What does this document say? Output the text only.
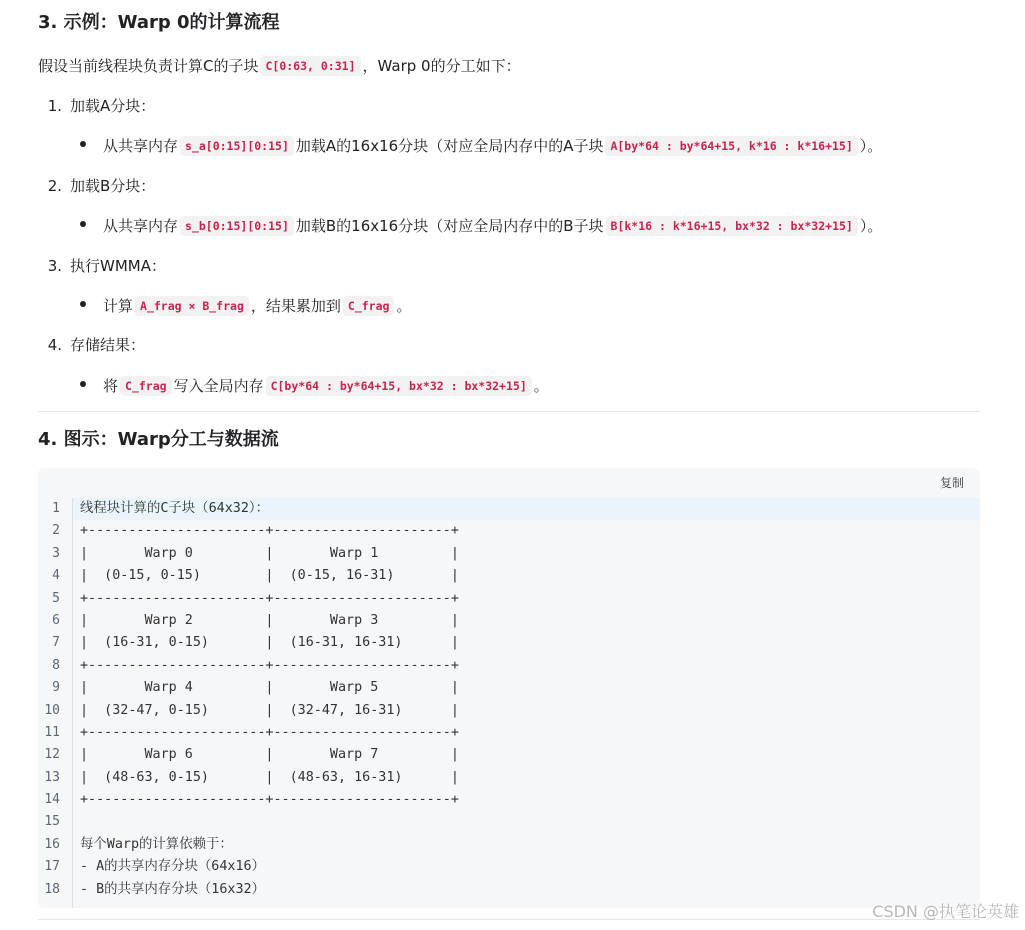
3. 示例：Warp 0的计算流程
假设当前线程块负责计算C的子块 C[0:63, 0:31] ，Warp 0的分工如下：
1. 加载A分块：
从共享内存 s_a[0:15][0:15] 加载A的16x16分块（对应全局内存中的A子块 A[by*64 : by*64+15, k*16 : k*16+15] ）。
2. 加载B分块：
从共享内存 s_b[0:15][0:15] 加载B的16x16分块（对应全局内存中的B子块 B[k*16 : k*16+15, bx*32 : bx*32+15] ）。
3. 执行WMMA：
计算 A_frag × B_frag ，结果累加到 C_frag 。
4. 存储结果：
将 C_frag 写入全局内存 C[by*64 : by*64+15, bx*32 : bx*32+15] 。
4. 图示：Warp分工与数据流
复制
1
2
3
4
5
6
7
8
9
10
11
12
13
14
15
16
17
18
线程块计算的C子块（64x32）：
+----------------------+----------------------+
|       Warp 0         |       Warp 1         |
|  (0-15, 0-15)        |  (0-15, 16-31)       |
+----------------------+----------------------+
|       Warp 2         |       Warp 3         |
|  (16-31, 0-15)       |  (16-31, 16-31)      |
+----------------------+----------------------+
|       Warp 4         |       Warp 5         |
|  (32-47, 0-15)       |  (32-47, 16-31)      |
+----------------------+----------------------+
|       Warp 6         |       Warp 7         |
|  (48-63, 0-15)       |  (48-63, 16-31)      |
+----------------------+----------------------+
每个Warp的计算依赖于：
- A的共享内存分块（64x16）
- B的共享内存分块（16x32）
CSDN @执笔论英雄
